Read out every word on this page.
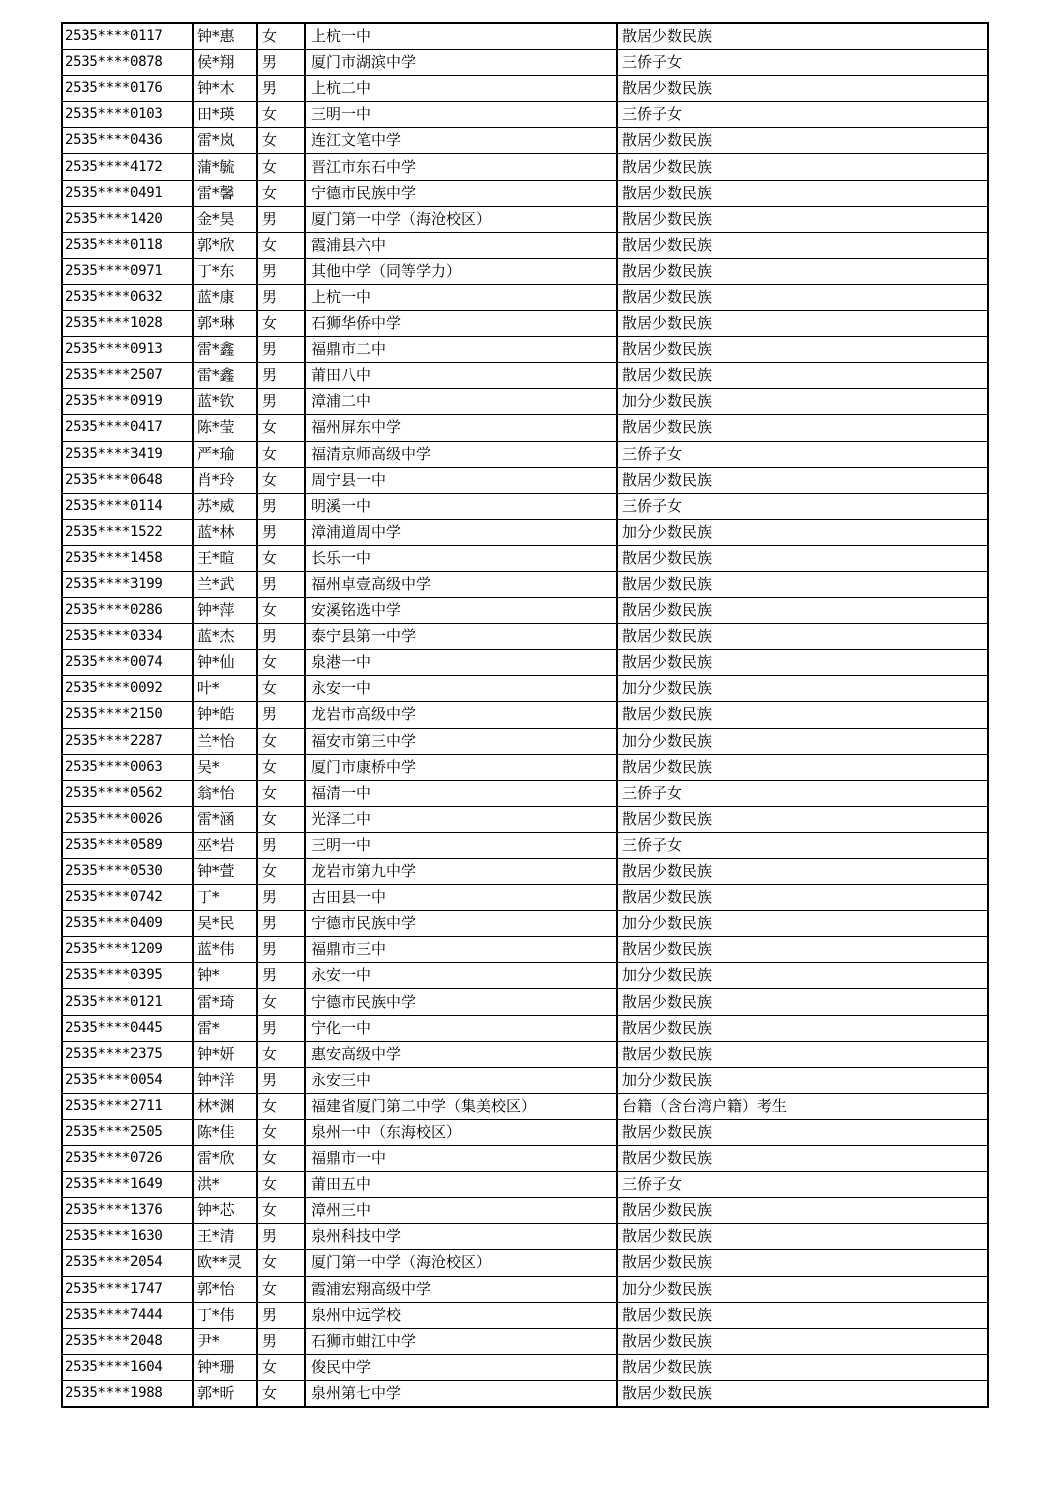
2535****0117	钟*惠	女	上杭一中	散居少数民族
2535****0878	侯*翔	男	厦门市湖滨中学	三侨子女
2535****0176	钟*木	男	上杭二中	散居少数民族
2535****0103	田*瑛	女	三明一中	三侨子女
2535****0436	雷*岚	女	连江文笔中学	散居少数民族
2535****4172	蒲*毓	女	晋江市东石中学	散居少数民族
2535****0491	雷*馨	女	宁德市民族中学	散居少数民族
2535****1420	金*昊	男	厦门第一中学（海沧校区）	散居少数民族
2535****0118	郭*欣	女	霞浦县六中	散居少数民族
2535****0971	丁*东	男	其他中学（同等学力）	散居少数民族
2535****0632	蓝*康	男	上杭一中	散居少数民族
2535****1028	郭*琳	女	石狮华侨中学	散居少数民族
2535****0913	雷*鑫	男	福鼎市二中	散居少数民族
2535****2507	雷*鑫	男	莆田八中	散居少数民族
2535****0919	蓝*钦	男	漳浦二中	加分少数民族
2535****0417	陈*莹	女	福州屏东中学	散居少数民族
2535****3419	严*瑜	女	福清京师高级中学	三侨子女
2535****0648	肖*玲	女	周宁县一中	散居少数民族
2535****0114	苏*威	男	明溪一中	三侨子女
2535****1522	蓝*林	男	漳浦道周中学	加分少数民族
2535****1458	王*暄	女	长乐一中	散居少数民族
2535****3199	兰*武	男	福州卓壹高级中学	散居少数民族
2535****0286	钟*萍	女	安溪铭选中学	散居少数民族
2535****0334	蓝*杰	男	泰宁县第一中学	散居少数民族
2535****0074	钟*仙	女	泉港一中	散居少数民族
2535****0092	叶*	女	永安一中	加分少数民族
2535****2150	钟*皓	男	龙岩市高级中学	散居少数民族
2535****2287	兰*怡	女	福安市第三中学	加分少数民族
2535****0063	吴*	女	厦门市康桥中学	散居少数民族
2535****0562	翁*怡	女	福清一中	三侨子女
2535****0026	雷*涵	女	光泽二中	散居少数民族
2535****0589	巫*岩	男	三明一中	三侨子女
2535****0530	钟*萱	女	龙岩市第九中学	散居少数民族
2535****0742	丁*	男	古田县一中	散居少数民族
2535****0409	吴*民	男	宁德市民族中学	加分少数民族
2535****1209	蓝*伟	男	福鼎市三中	散居少数民族
2535****0395	钟*	男	永安一中	加分少数民族
2535****0121	雷*琦	女	宁德市民族中学	散居少数民族
2535****0445	雷*	男	宁化一中	散居少数民族
2535****2375	钟*妍	女	惠安高级中学	散居少数民族
2535****0054	钟*洋	男	永安三中	加分少数民族
2535****2711	林*渊	女	福建省厦门第二中学（集美校区）	台籍（含台湾户籍）考生
2535****2505	陈*佳	女	泉州一中（东海校区）	散居少数民族
2535****0726	雷*欣	女	福鼎市一中	散居少数民族
2535****1649	洪*	女	莆田五中	三侨子女
2535****1376	钟*芯	女	漳州三中	散居少数民族
2535****1630	王*清	男	泉州科技中学	散居少数民族
2535****2054	欧**灵	女	厦门第一中学（海沧校区）	散居少数民族
2535****1747	郭*怡	女	霞浦宏翔高级中学	加分少数民族
2535****7444	丁*伟	男	泉州中远学校	散居少数民族
2535****2048	尹*	男	石狮市蚶江中学	散居少数民族
2535****1604	钟*珊	女	俊民中学	散居少数民族
2535****1988	郭*昕	女	泉州第七中学	散居少数民族
